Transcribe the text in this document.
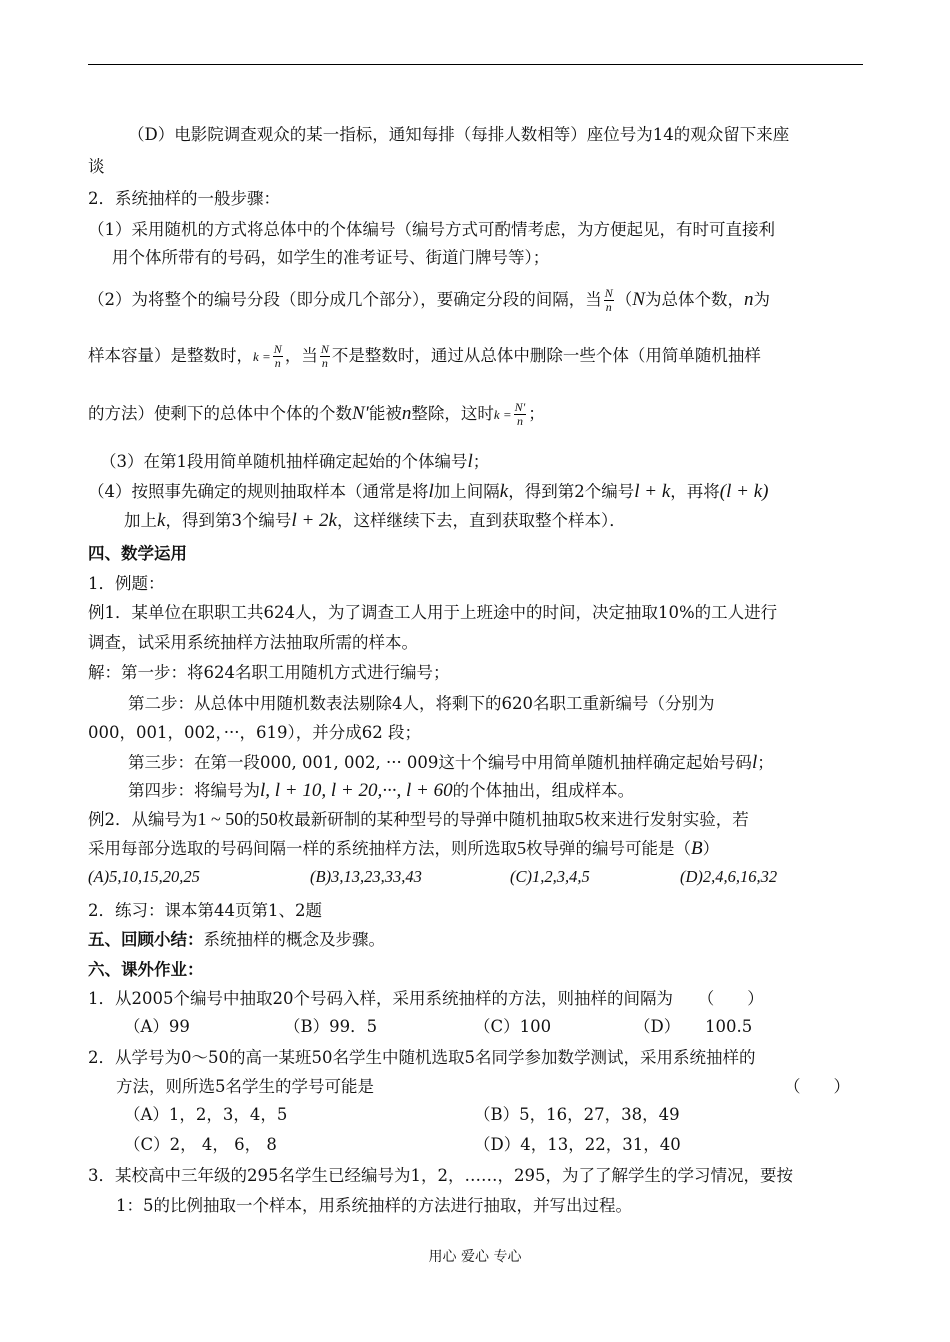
（D）电影院调查观众的某一指标，通知每排（每排人数相等）座位号为14的观众留下来座
谈
2．系统抽样的一般步骤：
（1）采用随机的方式将总体中的个体编号（编号方式可酌情考虑，为方便起见，有时可直接利
用个体所带有的号码，如学生的准考证号、街道门牌号等）；
（2）为将整个的编号分段（即分成几个部分），要确定分段的间隔，当 $\frac{N}{n} (N$为总体个数，n为
样本容量）是整数时，$k = \frac{N}{n}$ ，当 $\frac{N}{n}$ 不是整数时，通过从总体中删除一些个体（用简单随机抽样
的方法）使剩下的总体中个体的个数N′能被n整除，这时$k = \frac{N'}{n}$ ；
（3）在第1段用简单随机抽样确定起始的个体编号l；
（4）按照事先确定的规则抽取样本（通常是将l加上间隔k，得到第2个编号l + k，再将(l + k)
加上k，得到第3个编号l + 2k，这样继续下去，直到获取整个样本）．
四、数学运用
1．例题：
例1．某单位在职职工共624人，为了调查工人用于上班途中的时间，决定抽取10%的工人进行
调查，试采用系统抽样方法抽取所需的样本。
解：第一步：将624名职工用随机方式进行编号；
第二步：从总体中用随机数表法剔除4人，将剩下的620名职工重新编号（分别为
000，001，002，···，619），并分成62 段；
第三步：在第一段000, 001, 002, ··· 009这十个编号中用简单随机抽样确定起始号码l；
第四步：将编号为l, l + 10, l + 20,···, l + 60的个体抽出，组成样本。
例2．从编号为1 ~ 50的50枚最新研制的某种型号的导弹中随机抽取5枚来进行发射实验，若
采用每部分选取的号码间隔一样的系统抽样方法，则所选取5枚导弹的编号可能是（B）
(A)5,10,15,20,25	(B)3,13,23,33,43	(C)1,2,3,4,5	(D)2,4,6,16,32
2．练习：课本第44页第1、2题
五、回顾小结：系统抽样的概念及步骤。
六、课外作业：
1．从2005个编号中抽取20个号码入样，采用系统抽样的方法，则抽样的间隔为　　（　　）
（A）99	（B）99．5	（C）100	（D）　　100.5
2．从学号为0～50的高一某班50名学生中随机选取5名同学参加数学测试，采用系统抽样的
方法，则所选5名学生的学号可能是	（　　）
（A）1，2，3，4，5	（B）5，16，27，38，49
（C）2， 4， 6， 8	（D）4，13，22，31，40
3．某校高中三年级的295名学生已经编号为1，2，……，295，为了了解学生的学习情况，要按
1：5的比例抽取一个样本，用系统抽样的方法进行抽取，并写出过程。
用心 爱心 专心
